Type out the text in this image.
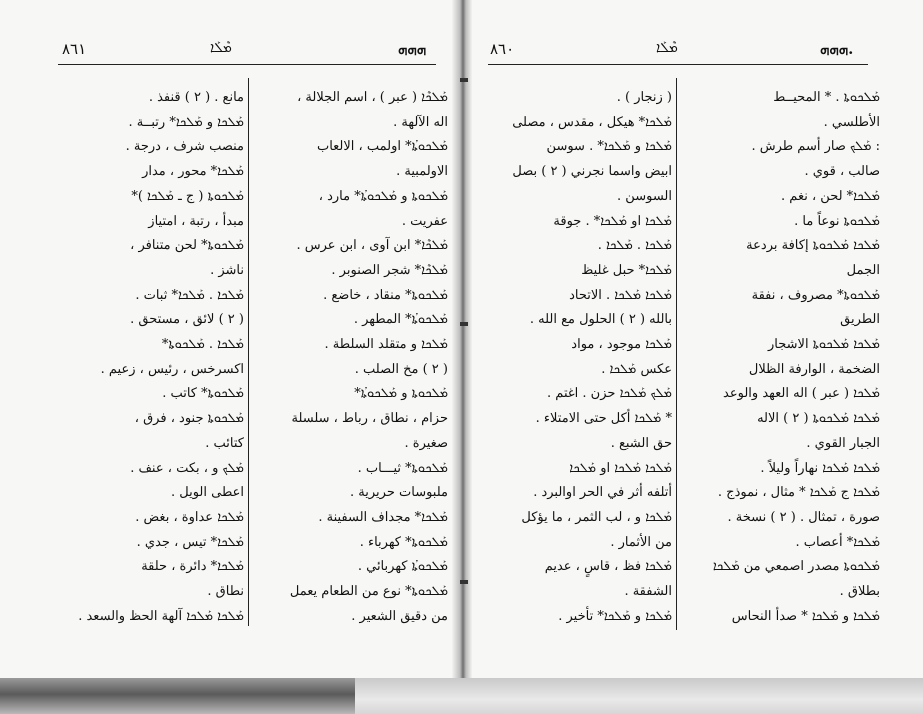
٨٦١	ܡܶܠܰܐ	ܗܗܗ
ܡܰܠܟܶܐ ( عبر ) ، اسم الجلالة ،
اله الآلهة .
ܡܰܠܟܘܬܳܐ* اولمب ، الالعاب
الاولمبية .
ܡܰܠܟܘܬܐ و ܡܰܠܟܘܬܳܐ* مارد ،
عفريت .
ܡܰܠܟܶܐ* ابن آوى ، ابن عرس .
ܡܰܠܟܶܐ* شجر الصنوبر .
ܡܰܠܟܘܬܐ* منقاد ، خاضع .
ܡܰܠܟܘܬܳܐ* المطهر .
ܡܰܠܟܐ و متقلد السلطة .
( ٢ ) مخ الصلب .
ܡܰܠܟܘܬܐ و ܡܰܠܟܘܬܳܐ*
حزام ، نطاق ، رباط ، سلسلة
صغيرة .
ܡܰܠܟܘܬܐ* ثيـــاب .
ملبوسات حريرية .
ܡܰܠܟܐ* مجداف السفينة .
ܡܰܠܟܘܬܐ* كهرباء .
ܡܰܠܟܘܬܳܐ كهربائي .
ܡܰܠܟܘܬܐ* نوع من الطعام يعمل
من دقيق الشعير .
مانع . ( ٢ ) قنفذ .
ܡܰܠܟܐ و ܡܰܠܟܐ* رتبــة .
منصب شرف ، درجة .
ܡܰܠܟܐ* محور ، مدار
ܡܰܠܟܘܬܐ ( ج ـ ܡܰܠܟܐ )*
مبدأ ، رتبة ، امتياز
ܡܰܠܟܘܬܐ* لحن متنافر ،
ناشز .
ܡܰܠܟܐ . ܡܰܠܟܐ* ثبات .
( ٢ ) لائق ، مستحق .
ܡܰܠܟܐ . ܡܰܠܟܘܬܐ*
اكسرخس ، رئيس ، زعيم .
ܡܰܠܟܘܬܐ* كاتب .
ܡܰܠܟܘܬܐ جنود ، فرق ،
كتائب .
ܡܰܠܟ و ، بكت ، عنف .
اعطى الويل .
ܡܰܠܟܐ عداوة ، بغض .
ܡܰܠܟܐ* تيس ، جدي .
ܡܰܠܟܐ* دائرة ، حلقة
نطاق .
ܡܰܠܟܐ ܡܰܠܟܐ آلهة الحظ والسعد .
٨٦٠	ܡܶܠܰܐ	ܗܗܗ.
ܡܰܠܟܘܬܐ . * المحيــط
الأطلسي .
: ܡܰܠܟ صار أسم طرش .
صالب ، قوي .
ܡܰܠܟܐ* لحن ، نغم .
ܡܰܠܟܘܬܐ نوعاً ما .
ܡܰܠܟܐ ܡܰܠܟܘܬܐ إكافة بردعة
الجمل
ܡܰܠܟܘܬܐ* مصروف ، نفقة
الطريق
ܡܰܠܟܐ ܡܰܠܟܘܬܐ الاشجار
الضخمة ، الوارفة الظلال
ܡܰܠܟܐ ( عبر ) اله العهد والوعد
ܡܰܠܟܐ ܡܰܠܟܘܬܐ ( ٢ ) الاله
الجبار القوي .
ܡܰܠܟܐ ܡܰܠܟܐ نهاراً وليلاً .
ܡܰܠܟܐ ج ܡܰܠܟܐ * مثال ، نموذج .
صورة ، تمثال . ( ٢ ) نسخة .
ܡܰܠܟܐ* أعصاب .
ܡܰܠܟܘܬܐ مصدر اصمعي من ܡܰܠܟܐ
بطلاق .
ܡܰܠܟܐ و ܡܰܠܟܐ * صدأ النحاس
( زنجار ) .
ܡܰܠܟܐ* هيكل ، مقدس ، مصلى
ܡܰܠܟܐ و ܡܰܠܟܐ* . سوسن
ابيض واسما نجرني ( ٢ ) بصل
السوسن .
ܡܰܠܟܐ او ܡܰܠܟܐ* . جوقة
ܡܰܠܟܐ . ܡܰܠܟܐ .
ܡܰܠܟܐ* حبل غليظ
ܡܰܠܟܐ ܡܰܠܟܐ . الاتحاد
بالله ( ٢ ) الحلول مع الله .
ܡܰܠܟܐ موجود ، مواد
عكس ܡܰܠܟܐ .
ܡܰܠܟ ܡܰܠܟܐ حزن . اغتم .
* ܡܰܠܟܐ أكل حتى الامتلاء .
حق الشبع .
ܡܰܠܟܐ ܡܰܠܟܐ او ܡܰܠܟܐ
أتلفه أثر في الحر اوالبرد .
ܡܰܠܟܐ و ، لب الثمر ، ما يؤكل
من الأثمار .
ܡܰܠܟܐ فظ ، قاسٍ ، عديم
الشفقة .
ܡܰܠܟܐ و ܡܰܠܟܐ* تأخير .
